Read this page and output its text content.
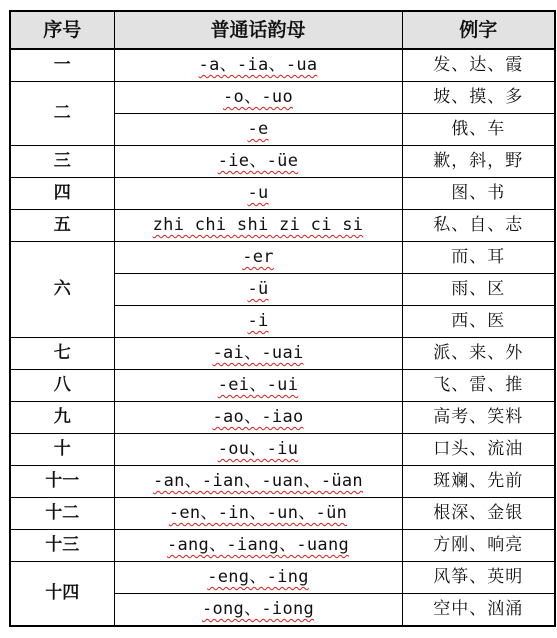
序号	普通话韵母	例字
一	-a、-ia、-ua	发、达、霞
二	-o、-uo	坡、摸、多
	-e	俄、车
三	-ie、-üe	歉，斜，野
四	-u	图、书
五	zhi chi shi zi ci si	私、自、志
六	-er	而、耳
	-ü	雨、区
	-i	西、医
七	-ai、-uai	派、来、外
八	-ei、-ui	飞、雷、推
九	-ao、-iao	高考、笑料
十	-ou、-iu	口头、流油
十一	-an、-ian、-uan、-üan	斑斓、先前
十二	-en、-in、-un、-ün	根深、金银
十三	-ang、-iang、-uang	方刚、响亮
十四	-eng、-ing	风筝、英明
	-ong、-iong	空中、汹涌
